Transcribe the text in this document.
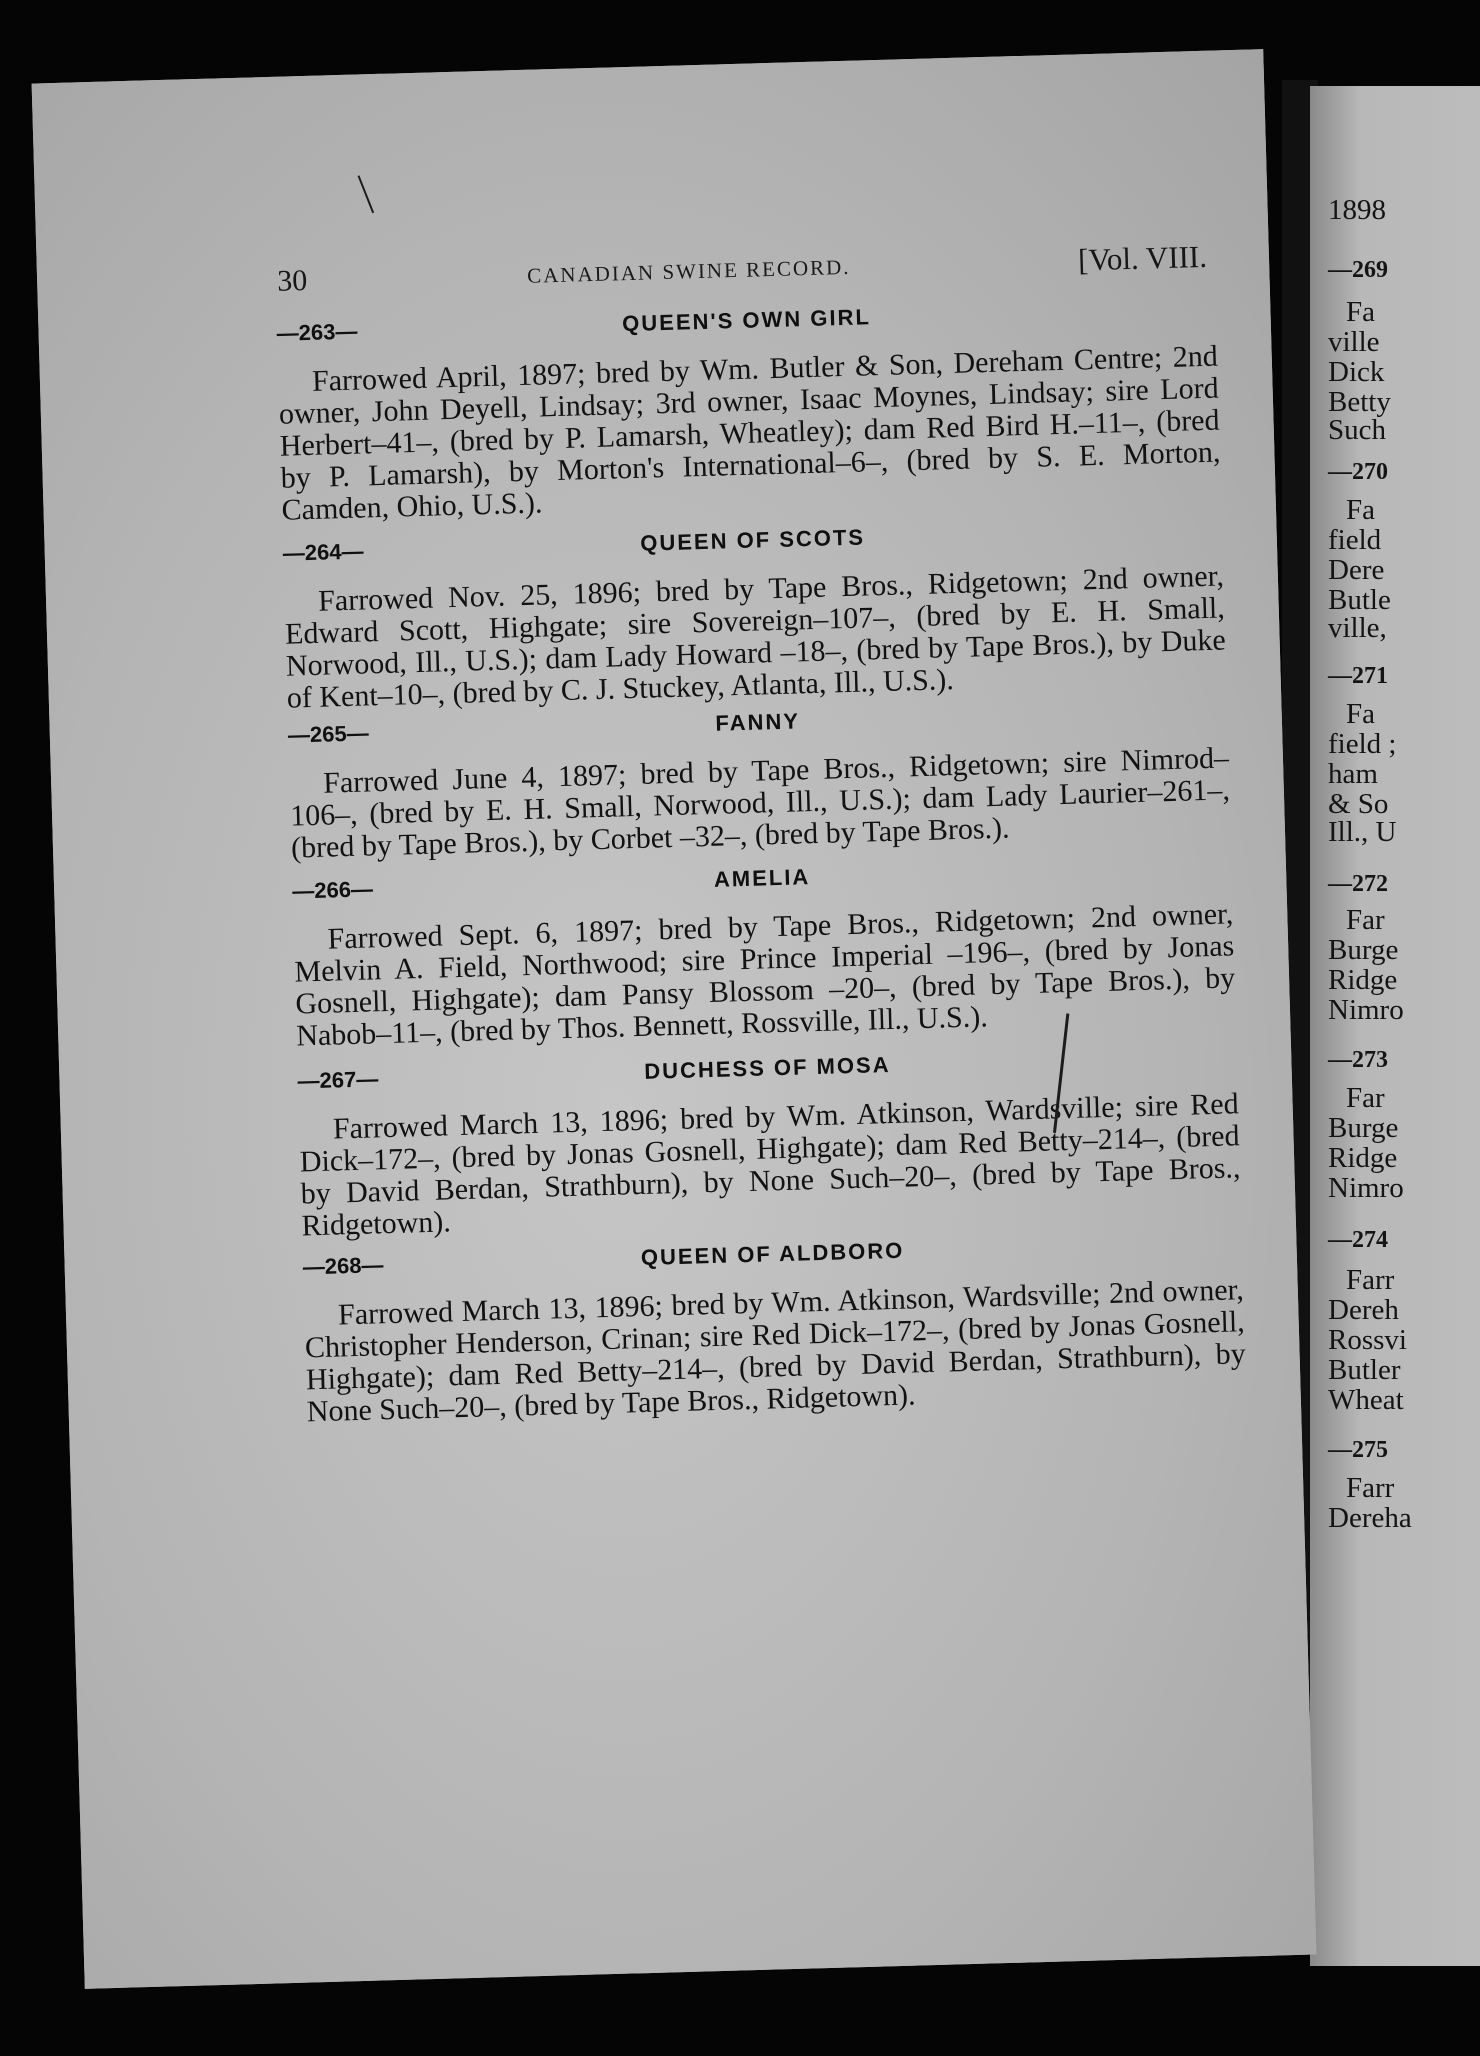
1898
—269
Fa
ville
Dick
Betty
Such
—270
Fa
field
Dere
Butle
ville,
—271
Fa
field ;
ham
& So
Ill., U
—272
Far
Burge
Ridge
Nimro
—273
Far
Burge
Ridge
Nimro
—274
Farr
Dereh
Rossvi
Butler
Wheat
—275
Farr
Dereha
30	CANADIAN SWINE RECORD.	[Vol. VIII.
—263—	QUEEN'S OWN GIRL

Farrowed April, 1897; bred by Wm. Butler & Son, Dereham Centre; 2nd owner, John Deyell, Lindsay; 3rd owner, Isaac Moynes, Lindsay; sire Lord Herbert–41–, (bred by P. Lamarsh, Wheatley); dam Red Bird H.–11–, (bred by P. Lamarsh), by Morton's International–6–, (bred by S. E. Morton, Camden, Ohio, U.S.).

—264—	QUEEN OF SCOTS

Farrowed Nov. 25, 1896; bred by Tape Bros., Ridgetown; 2nd owner, Edward Scott, Highgate; sire Sovereign–107–, (bred by E. H. Small, Norwood, Ill., U.S.); dam Lady Howard –18–, (bred by Tape Bros.), by Duke of Kent–10–, (bred by C. J. Stuckey, Atlanta, Ill., U.S.).

—265—	FANNY

Farrowed June 4, 1897; bred by Tape Bros., Ridgetown; sire Nimrod–106–, (bred by E. H. Small, Norwood, Ill., U.S.); dam Lady Laurier–261–, (bred by Tape Bros.), by Corbet –32–, (bred by Tape Bros.).

—266—	AMELIA

Farrowed Sept. 6, 1897; bred by Tape Bros., Ridgetown; 2nd owner, Melvin A. Field, Northwood; sire Prince Imperial –196–, (bred by Jonas Gosnell, Highgate); dam Pansy Blossom –20–, (bred by Tape Bros.), by Nabob–11–, (bred by Thos. Bennett, Rossville, Ill., U.S.).

—267—	DUCHESS OF MOSA

Farrowed March 13, 1896; bred by Wm. Atkinson, Wardsville; sire Red Dick–172–, (bred by Jonas Gosnell, Highgate); dam Red Betty–214–, (bred by David Berdan, Strathburn), by None Such–20–, (bred by Tape Bros., Ridgetown).

—268—	QUEEN OF ALDBORO

Farrowed March 13, 1896; bred by Wm. Atkinson, Wardsville; 2nd owner, Christopher Henderson, Crinan; sire Red Dick–172–, (bred by Jonas Gosnell, Highgate); dam Red Betty–214–, (bred by David Berdan, Strathburn), by None Such–20–, (bred by Tape Bros., Ridgetown).
